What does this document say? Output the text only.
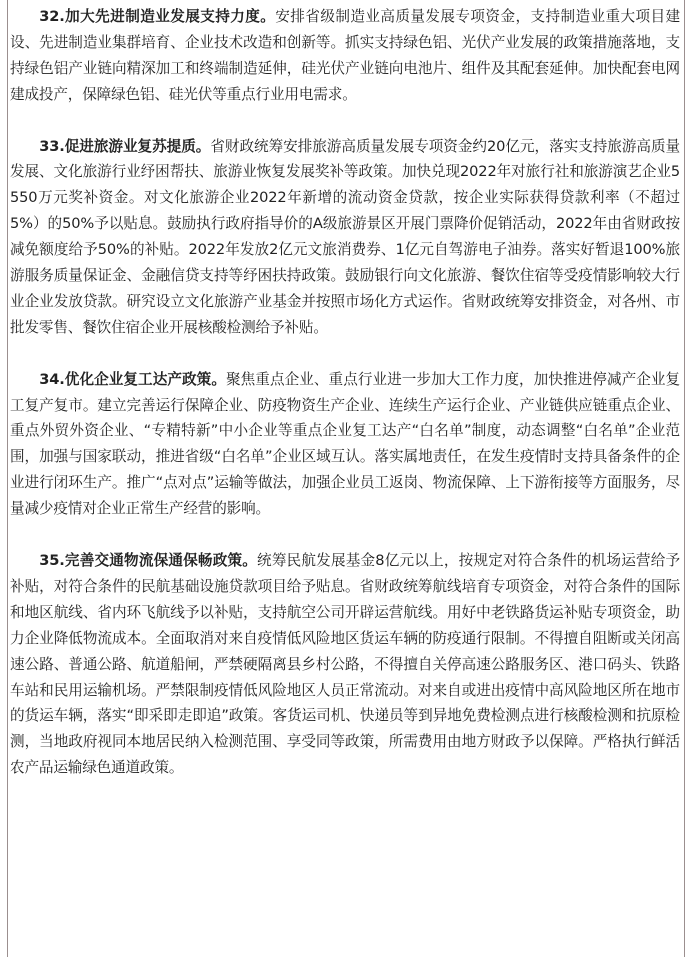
32.加大先进制造业发展支持力度。安排省级制造业高质量发展专项资金，支持制造业重大项目建设、先进制造业集群培育、企业技术改造和创新等。抓实支持绿色铝、光伏产业发展的政策措施落地，支持绿色铝产业链向精深加工和终端制造延伸，硅光伏产业链向电池片、组件及其配套延伸。加快配套电网建成投产，保障绿色铝、硅光伏等重点行业用电需求。

33.促进旅游业复苏提质。省财政统筹安排旅游高质量发展专项资金约20亿元，落实支持旅游高质量发展、文化旅游行业纾困帮扶、旅游业恢复发展奖补等政策。加快兑现2022年对旅行社和旅游演艺企业5550万元奖补资金。对文化旅游企业2022年新增的流动资金贷款，按企业实际获得贷款利率（不超过5%）的50%予以贴息。鼓励执行政府指导价的A级旅游景区开展门票降价促销活动，2022年由省财政按减免额度给予50%的补贴。2022年发放2亿元文旅消费券、1亿元自驾游电子油券。落实好暂退100%旅游服务质量保证金、金融信贷支持等纾困扶持政策。鼓励银行向文化旅游、餐饮住宿等受疫情影响较大行业企业发放贷款。研究设立文化旅游产业基金并按照市场化方式运作。省财政统筹安排资金，对各州、市批发零售、餐饮住宿企业开展核酸检测给予补贴。

34.优化企业复工达产政策。聚焦重点企业、重点行业进一步加大工作力度，加快推进停减产企业复工复产复市。建立完善运行保障企业、防疫物资生产企业、连续生产运行企业、产业链供应链重点企业、重点外贸外资企业、“专精特新”中小企业等重点企业复工达产“白名单”制度，动态调整“白名单”企业范围，加强与国家联动，推进省级“白名单”企业区域互认。落实属地责任，在发生疫情时支持具备条件的企业进行闭环生产。推广“点对点”运输等做法，加强企业员工返岗、物流保障、上下游衔接等方面服务，尽量减少疫情对企业正常生产经营的影响。

35.完善交通物流保通保畅政策。统筹民航发展基金8亿元以上，按规定对符合条件的机场运营给予补贴，对符合条件的民航基础设施贷款项目给予贴息。省财政统筹航线培育专项资金，对符合条件的国际和地区航线、省内环飞航线予以补贴，支持航空公司开辟运营航线。用好中老铁路货运补贴专项资金，助力企业降低物流成本。全面取消对来自疫情低风险地区货运车辆的防疫通行限制。不得擅自阻断或关闭高速公路、普通公路、航道船闸，严禁硬隔离县乡村公路，不得擅自关停高速公路服务区、港口码头、铁路车站和民用运输机场。严禁限制疫情低风险地区人员正常流动。对来自或进出疫情中高风险地区所在地市的货运车辆，落实“即采即走即追”政策。客货运司机、快递员等到异地免费检测点进行核酸检测和抗原检测，当地政府视同本地居民纳入检测范围、享受同等政策，所需费用由地方财政予以保障。严格执行鲜活农产品运输绿色通道政策。
